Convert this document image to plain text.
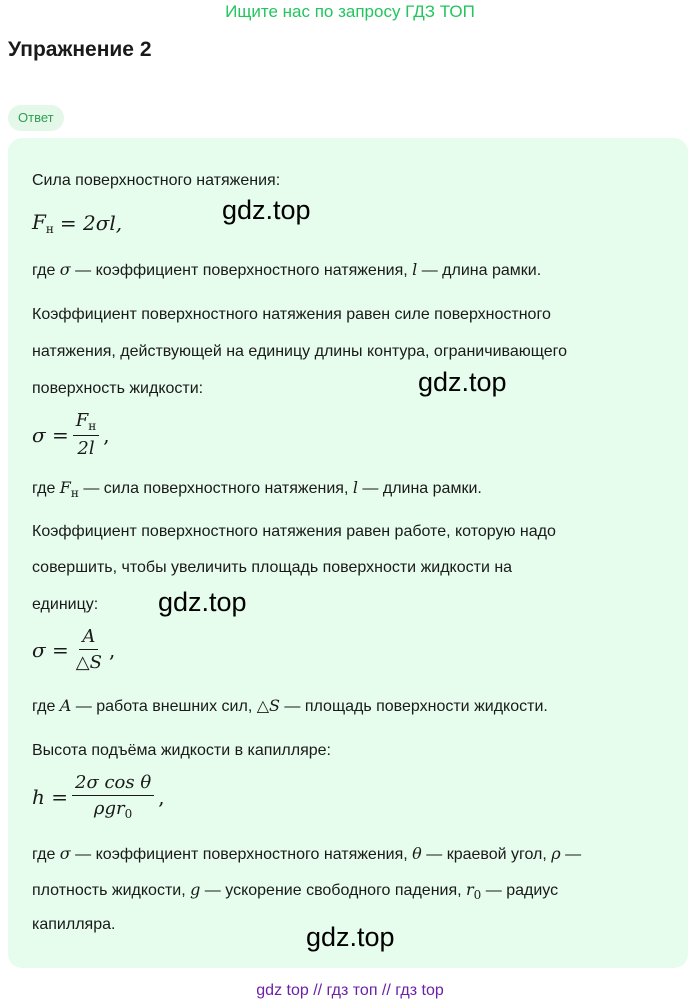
Ищите нас по запросу ГДЗ ТОП
Упражнение 2
Ответ
Сила поверхностного натяжения:
$F_н = 2\sigma l$,
где σ — коэффициент поверхностного натяжения, l — длина рамки.
Коэффициент поверхностного натяжения равен силе поверхностного
натяжения, действующей на единицу длины контура, ограничивающего
поверхность жидкости:
$\sigma = \frac{F_н}{2l}$ ,
где $F_н$ — сила поверхностного натяжения, l — длина рамки.
Коэффициент поверхностного натяжения равен работе, которую надо
совершить, чтобы увеличить площадь поверхности жидкости на
единицу:
$\sigma = \frac{A}{\triangle S}$ ,
где A — работа внешних сил, △S — площадь поверхности жидкости.
Высота подъёма жидкости в капилляре:
$h = \frac{\text{2σ cos θ}}{\rho gr_0}$ ,
где σ — коэффициент поверхностного натяжения, θ — краевой угол, ρ —
плотность жидкости, g — ускорение свободного падения, $r_0$ — радиус
капилляра.
gdz.top
gdz.top
gdz.top
gdz.top
gdz top // гдз топ // гдз top
